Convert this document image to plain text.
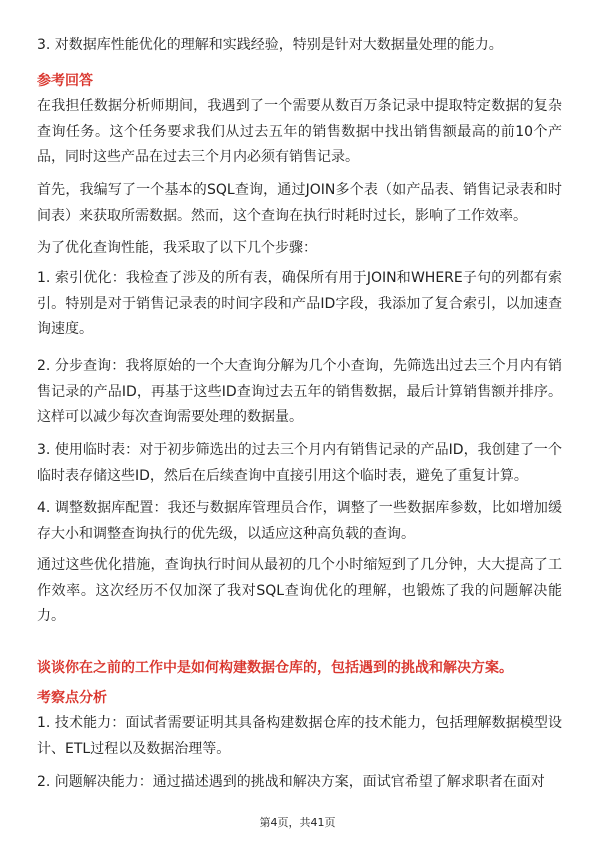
3. 对数据库性能优化的理解和实践经验，特别是针对大数据量处理的能力。

参考回答

在我担任数据分析师期间，我遇到了一个需要从数百万条记录中提取特定数据的复杂查询任务。这个任务要求我们从过去五年的销售数据中找出销售额最高的前10个产品，同时这些产品在过去三个月内必须有销售记录。

首先，我编写了一个基本的SQL查询，通过JOIN多个表（如产品表、销售记录表和时间表）来获取所需数据。然而，这个查询在执行时耗时过长，影响了工作效率。

为了优化查询性能，我采取了以下几个步骤：

1. 索引优化：我检查了涉及的所有表，确保所有用于JOIN和WHERE子句的列都有索引。特别是对于销售记录表的时间字段和产品ID字段，我添加了复合索引，以加速查询速度。

2. 分步查询：我将原始的一个大查询分解为几个小查询，先筛选出过去三个月内有销售记录的产品ID，再基于这些ID查询过去五年的销售数据，最后计算销售额并排序。这样可以减少每次查询需要处理的数据量。

3. 使用临时表：对于初步筛选出的过去三个月内有销售记录的产品ID，我创建了一个临时表存储这些ID，然后在后续查询中直接引用这个临时表，避免了重复计算。

4. 调整数据库配置：我还与数据库管理员合作，调整了一些数据库参数，比如增加缓存大小和调整查询执行的优先级，以适应这种高负载的查询。

通过这些优化措施，查询执行时间从最初的几个小时缩短到了几分钟，大大提高了工作效率。这次经历不仅加深了我对SQL查询优化的理解，也锻炼了我的问题解决能力。

谈谈你在之前的工作中是如何构建数据仓库的，包括遇到的挑战和解决方案。

考察点分析

1. 技术能力：面试者需要证明其具备构建数据仓库的技术能力，包括理解数据模型设计、ETL过程以及数据治理等。

2. 问题解决能力：通过描述遇到的挑战和解决方案，面试官希望了解求职者在面对

第4页，共41页
